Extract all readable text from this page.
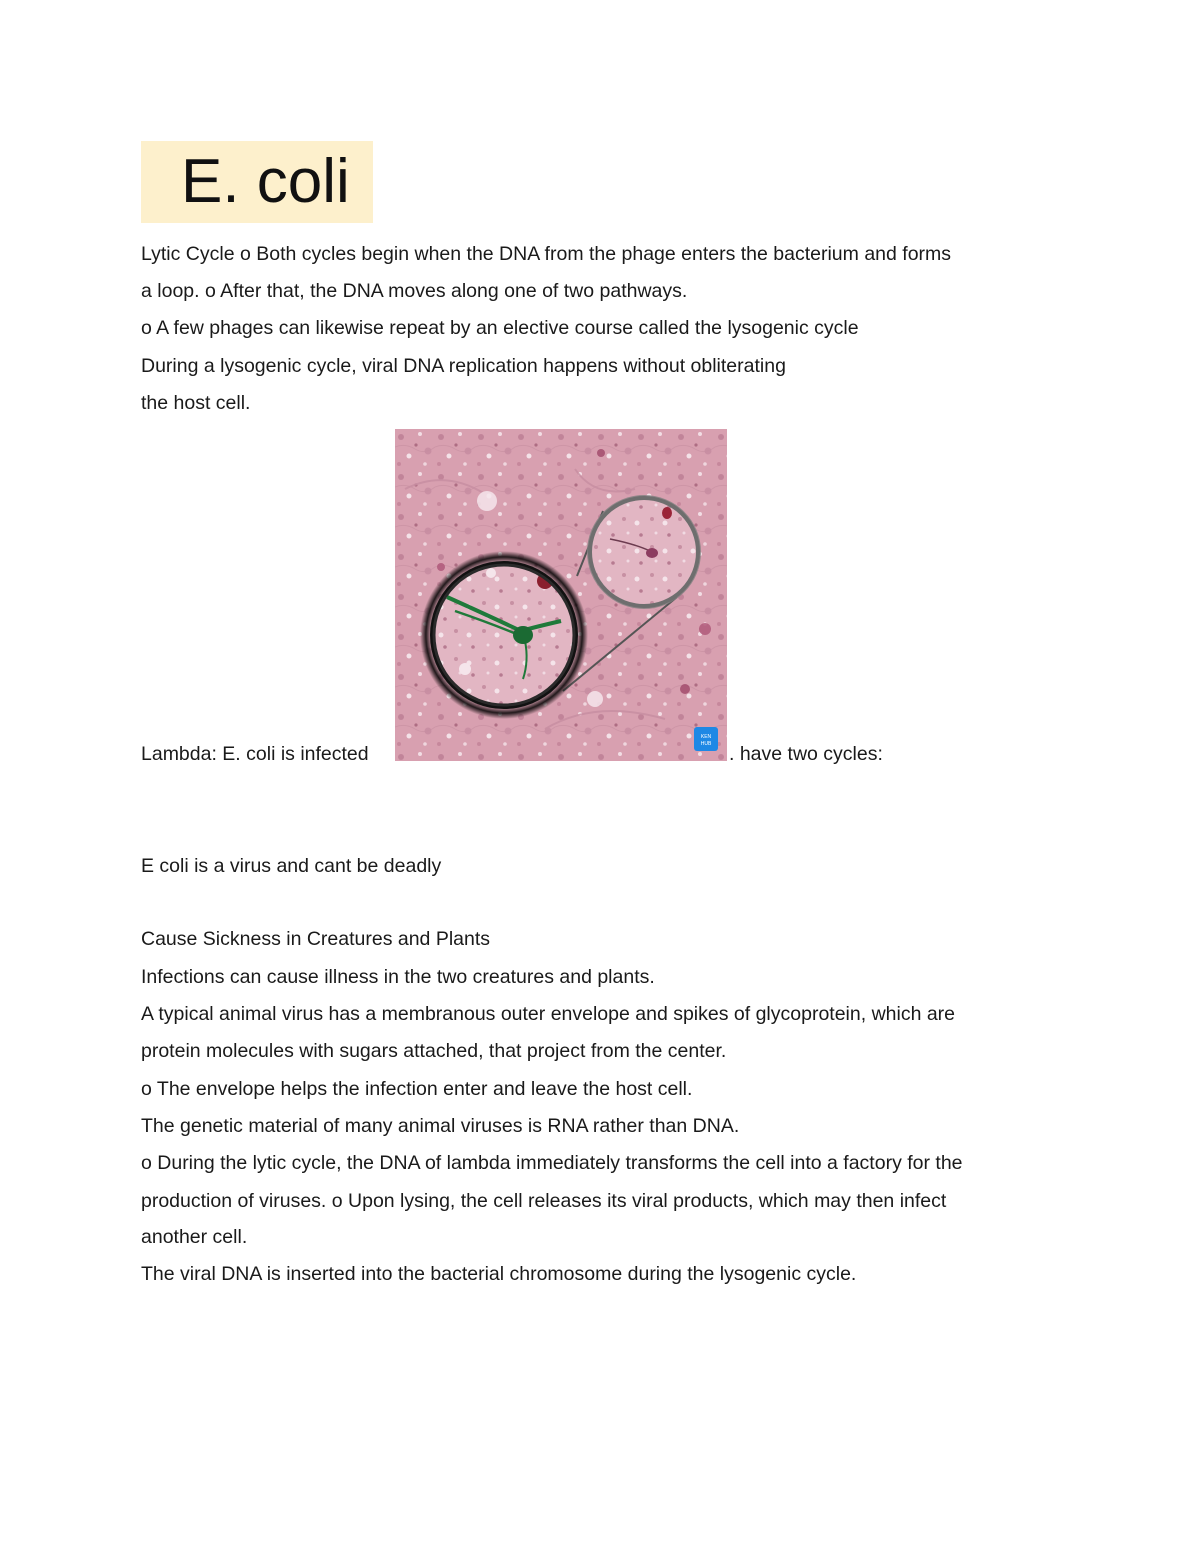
E. coli
Lytic Cycle o Both cycles begin when the DNA from the phage enters the bacterium and forms
a loop. o After that, the DNA moves along one of two pathways.
o A few phages can likewise repeat by an elective course called the lysogenic cycle
During a lysogenic cycle, viral DNA replication happens without obliterating
the host cell.
Lambda: E. coli is infected
KEN
HUB . have two cycles:
E coli is a virus and cant be deadly
Cause Sickness in Creatures and Plants
Infections can cause illness in the two creatures and plants.
A typical animal virus has a membranous outer envelope and spikes of glycoprotein, which are
protein molecules with sugars attached, that project from the center.
o The envelope helps the infection enter and leave the host cell.
The genetic material of many animal viruses is RNA rather than DNA.
o During the lytic cycle, the DNA of lambda immediately transforms the cell into a factory for the
production of viruses. o Upon lysing, the cell releases its viral products, which may then infect
another cell.
The viral DNA is inserted into the bacterial chromosome during the lysogenic cycle.
